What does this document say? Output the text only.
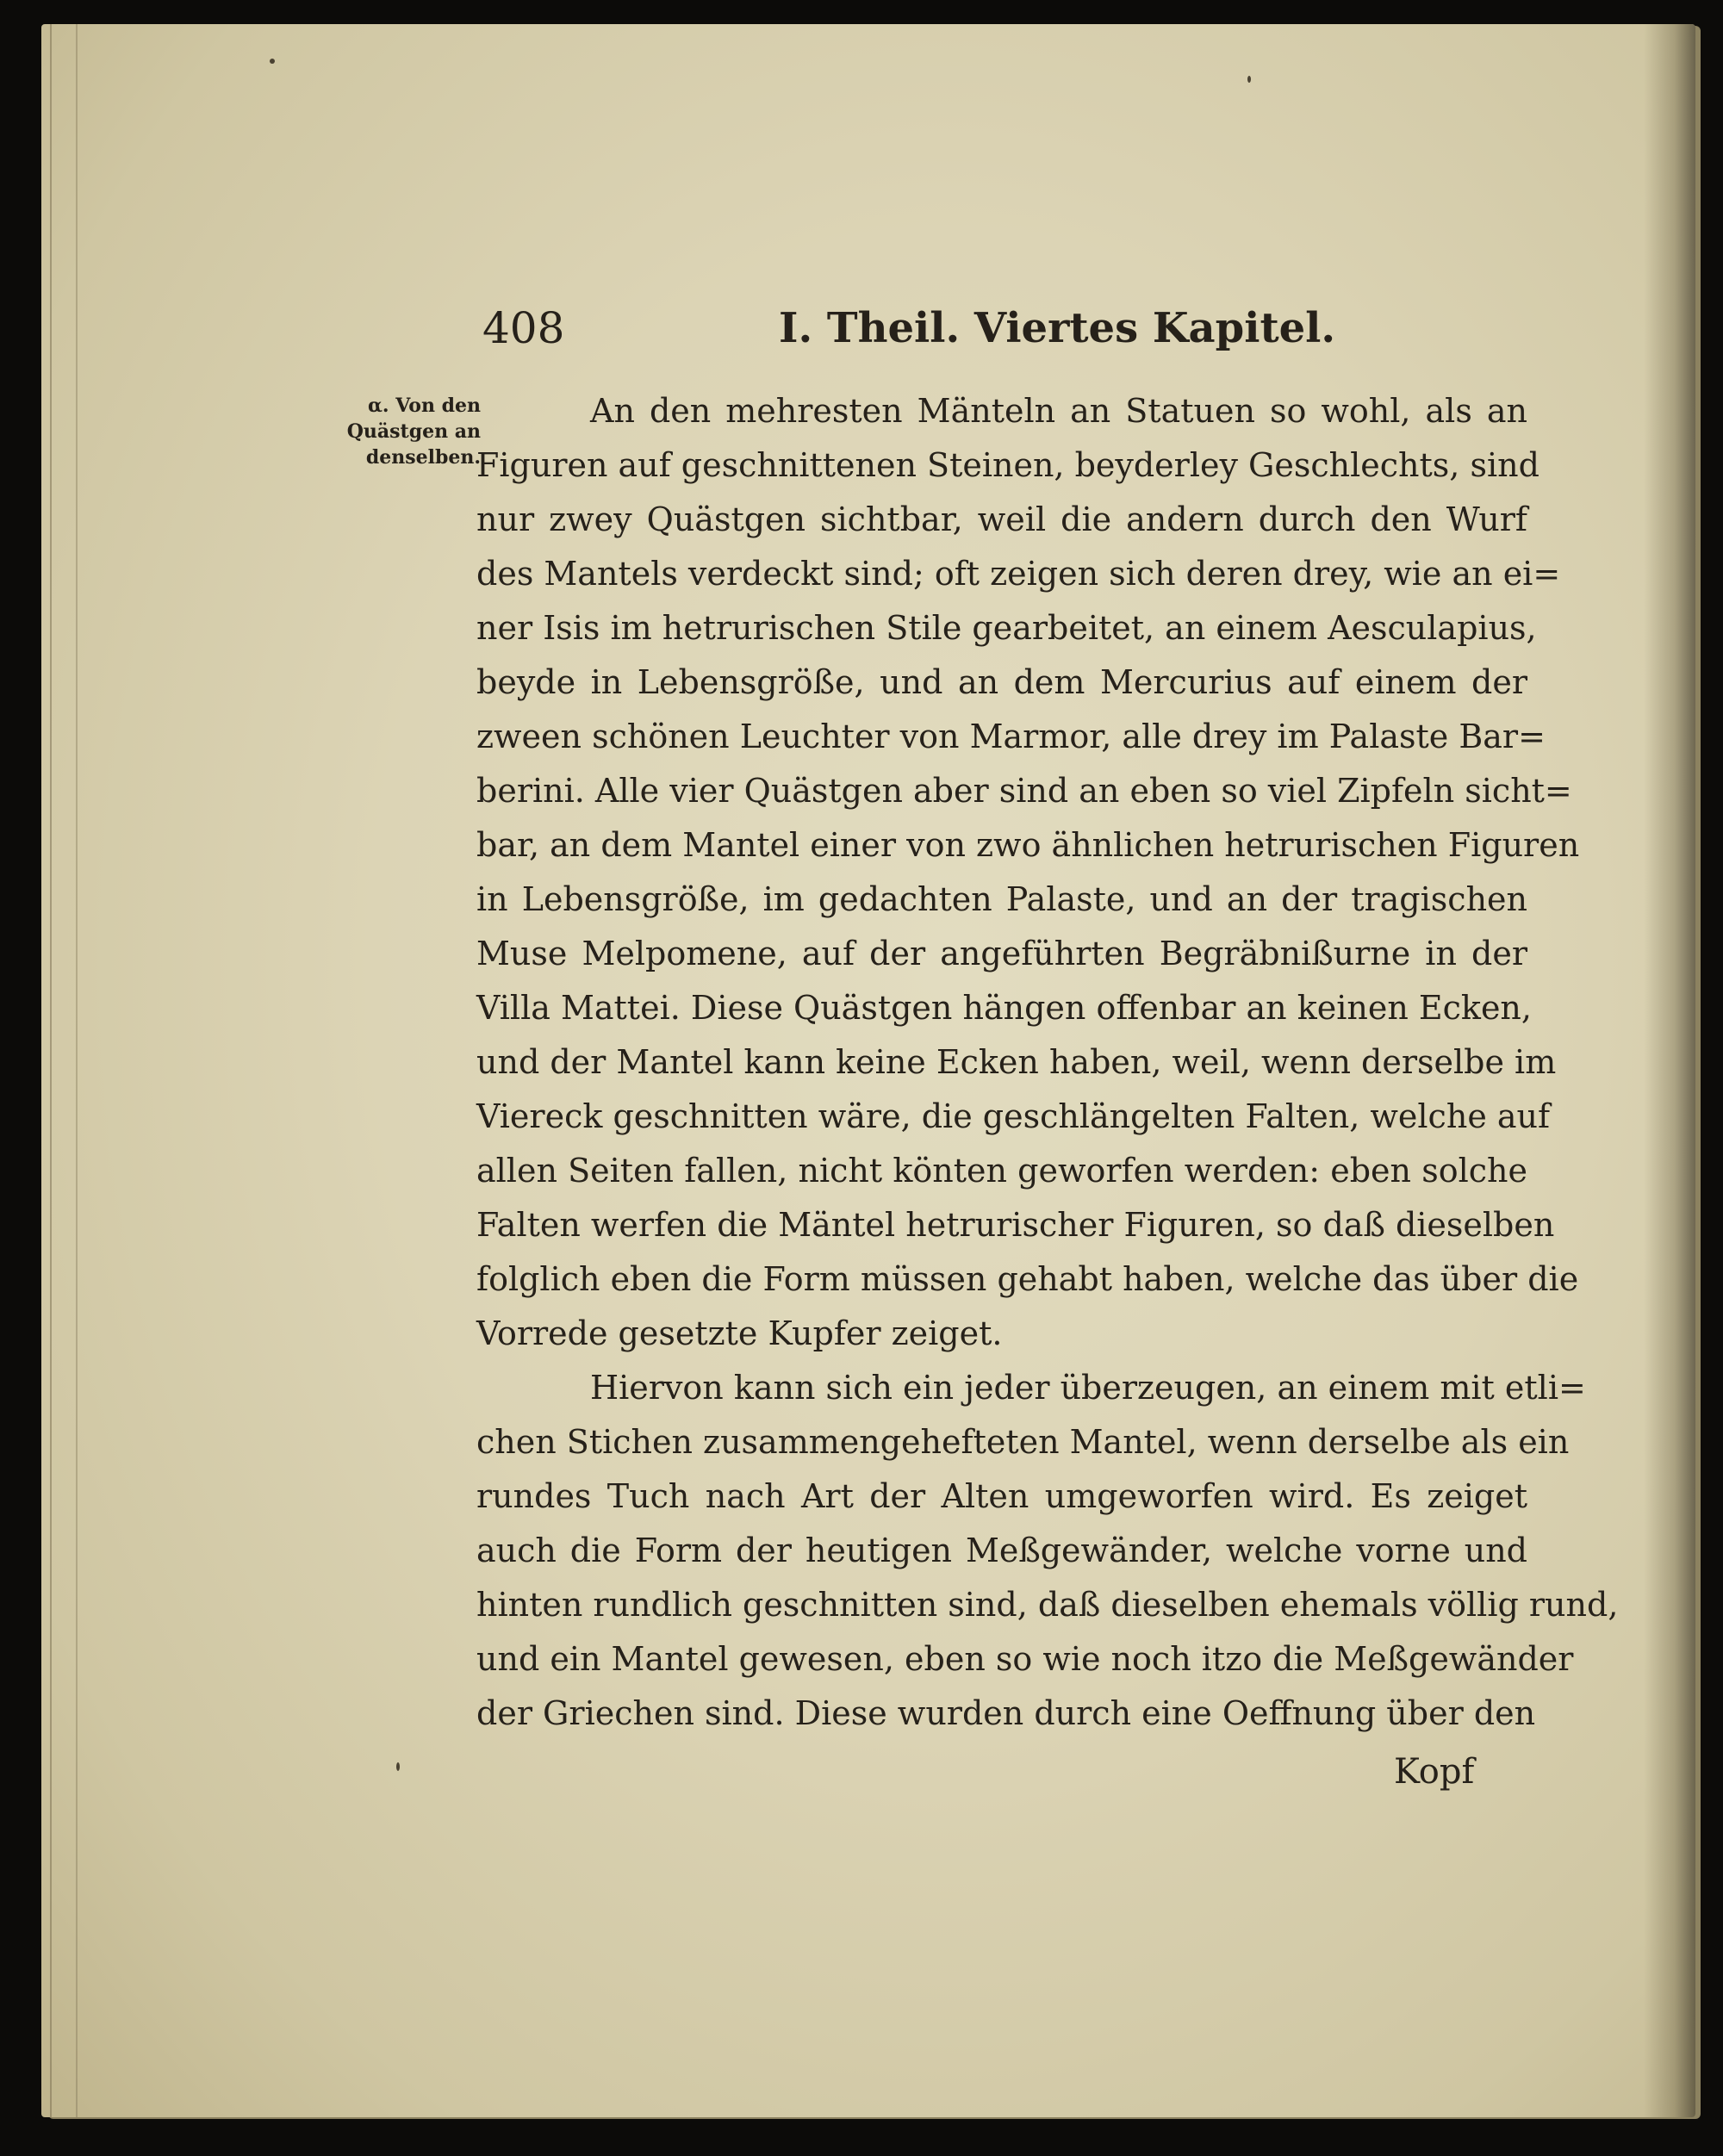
408	I. Theil. Viertes Kapitel.
α. Von den
Quästgen an
denselben.
An den mehresten Mänteln an Statuen so wohl, als an
Figuren auf geschnittenen Steinen, beyderley Geschlechts, sind
nur zwey Quästgen sichtbar, weil die andern durch den Wurf
des Mantels verdeckt sind; oft zeigen sich deren drey, wie an ei=
ner Isis im hetrurischen Stile gearbeitet, an einem Aesculapius,
beyde in Lebensgröße, und an dem Mercurius auf einem der
zween schönen Leuchter von Marmor, alle drey im Palaste Bar=
berini. Alle vier Quästgen aber sind an eben so viel Zipfeln sicht=
bar, an dem Mantel einer von zwo ähnlichen hetrurischen Figuren
in Lebensgröße, im gedachten Palaste, und an der tragischen
Muse Melpomene, auf der angeführten Begräbnißurne in der
Villa Mattei. Diese Quästgen hängen offenbar an keinen Ecken,
und der Mantel kann keine Ecken haben, weil, wenn derselbe im
Viereck geschnitten wäre, die geschlängelten Falten, welche auf
allen Seiten fallen, nicht könten geworfen werden: eben solche
Falten werfen die Mäntel hetrurischer Figuren, so daß dieselben
folglich eben die Form müssen gehabt haben, welche das über die
Vorrede gesetzte Kupfer zeiget.
Hiervon kann sich ein jeder überzeugen, an einem mit etli=
chen Stichen zusammengehefteten Mantel, wenn derselbe als ein
rundes Tuch nach Art der Alten umgeworfen wird. Es zeiget
auch die Form der heutigen Meßgewänder, welche vorne und
hinten rundlich geschnitten sind, daß dieselben ehemals völlig rund,
und ein Mantel gewesen, eben so wie noch itzo die Meßgewänder
der Griechen sind. Diese wurden durch eine Oeffnung über den
Kopf
